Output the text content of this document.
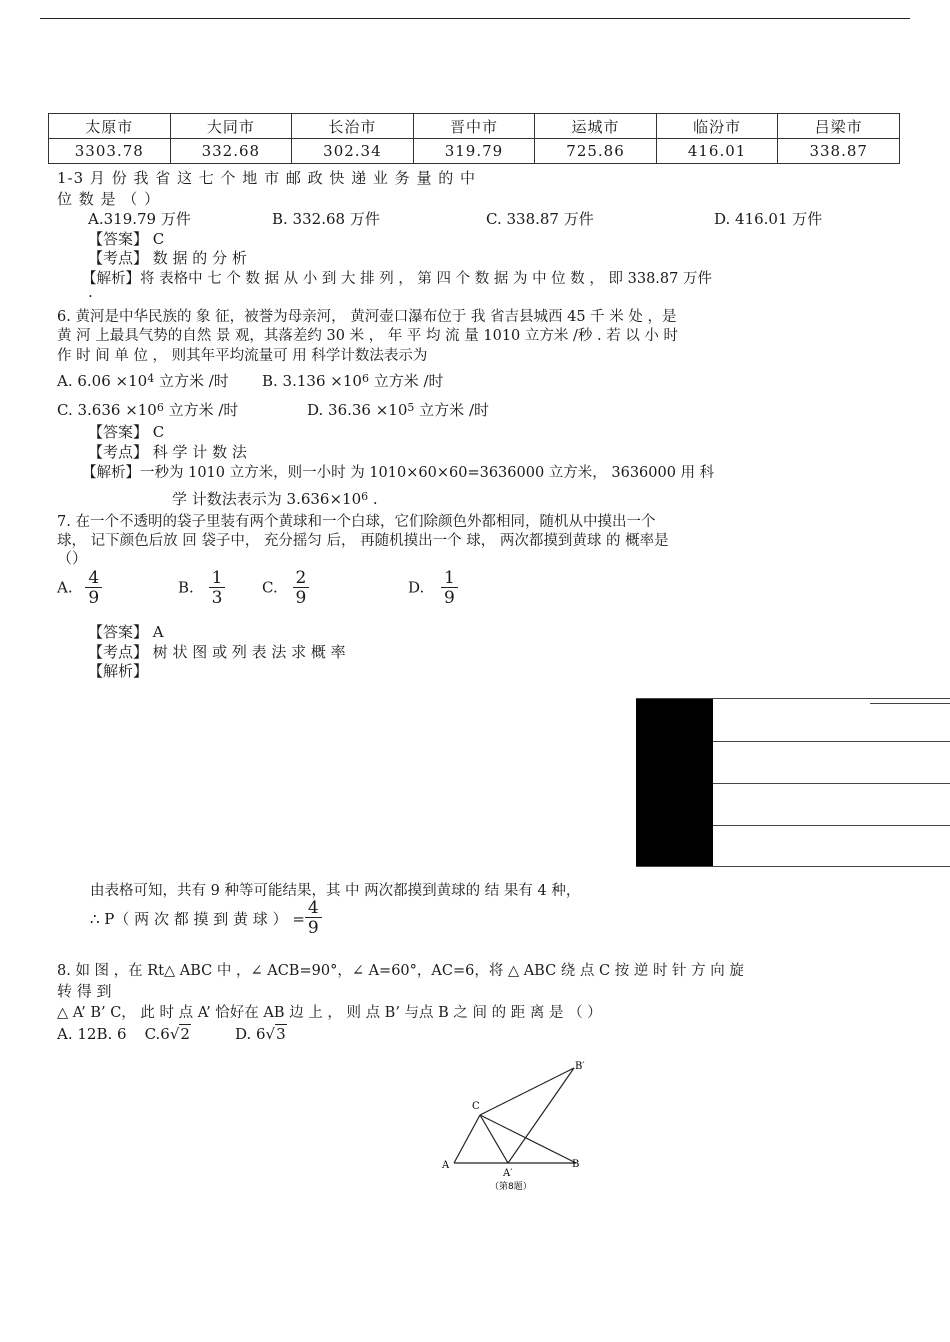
太原市	大同市	长治市	晋中市	运城市	临汾市	吕梁市
3303.78	332.68	302.34	319.79	725.86	416.01	338.87
1-3 月 份 我 省 这 七 个 地 市 邮 政 快 递 业 务 量 的 中
位 数 是 （ ）
A.319.79 万件	B. 332.68 万件	C. 338.87 万件	D. 416.01 万件
【答案】 C
【考点】 数 据 的 分 析
【解析】将 表格中 七 个 数 据 从 小 到 大 排 列 ， 第 四 个 数 据 为 中 位 数 ， 即 338.87 万件
.
6. 黄河是中华民族的 象 征，被誉为母亲河， 黄河壶口瀑布位于 我 省吉县城西 45 千 米 处 ，是
黄 河 上最具气势的自然 景 观，其落差约 30 米 ， 年 平 均 流 量 1010 立方米 /秒 . 若 以 小 时
作 时 间 单 位 ， 则其年平均流量可 用 科学计数法表示为
A. $6.06 \times 10^4$ 立方米 /时 B. $3.136 \times 10^6$ 立方米 /时
C. $3.636 \times 10^6$ 立方米 /时	D. $36.36 \times 10^5$ 立方米 /时
【答案】 C
【考点】 科 学 计 数 法
【解析】一秒为 1010 立方米，则一小时 为 1010×60×60=3636000 立方米， 3636000 用 科
学 计数法表示为 $3.636\times 10^6$ .
7. 在一个不透明的袋子里装有两个黄球和一个白球，它们除颜色外都相同，随机从中摸出一个
球， 记下颜色后放 回 袋子中， 充分摇匀 后， 再随机摸出一个 球， 两次都摸到黄球 的 概率是
（）
A. $\frac{4}{9}$	B. $\frac{1}{3} C$. $\frac{2}{9}$	D. $\frac{1}{9}$
【答案】 A
【考点】 树 状 图 或 列 表 法 求 概 率
【解析】
由表格可知，共有 9 种等可能结果，其 中 两次都摸到黄球的 结 果有 4 种，
∴ P（ 两 次 都 摸 到 黄 球 ） = $\frac{4}{9}$
8. 如 图 ，在 Rt△ ABC 中 ，∠ ACB=90°，∠ A=60°，AC=6，将 △ ABC 绕 点 C 按 逆 时 针 方 向 旋
转 得 到
△ A’ B’ C， 此 时 点 A’ 恰好在 AB 边 上 ， 则 点 B’ 与点 B 之 间 的 距 离 是 （ ）
A. 12B. 6 C.6√2	D. 6√3
A	B
C
A′
B′
（第8题）
